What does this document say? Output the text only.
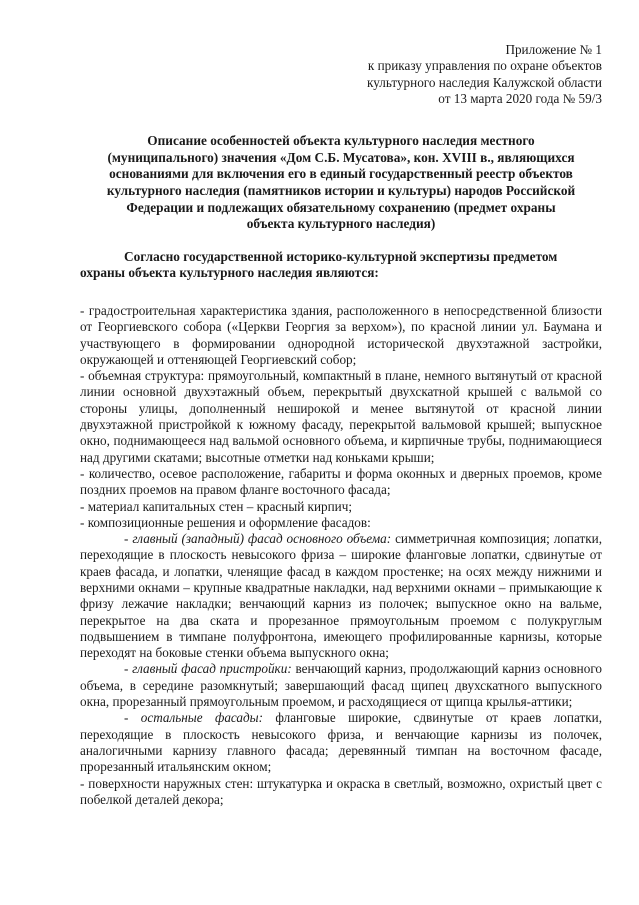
Приложение № 1
к приказу управления по охране объектов
культурного наследия Калужской области
от 13 марта 2020 года № 59/3
Описание особенностей объекта культурного наследия местного
(муниципального) значения «Дом С.Б. Мусатова», кон. XVIII в., являющихся
основаниями для включения его в единый государственный реестр объектов
культурного наследия (памятников истории и культуры) народов Российской
Федерации и подлежащих обязательному сохранению (предмет охраны
объекта культурного наследия)
Согласно государственной историко-культурной экспертизы предметом
охраны объекта культурного наследия являются:

- градостроительная характеристика здания, расположенного в непосредственной близости от Георгиевского собора («Церкви Георгия за верхом»), по красной линии ул. Баумана и участвующего в формировании однородной исторической двухэтажной застройки, окружающей и оттеняющей Георгиевский собор;

- объемная структура: прямоугольный, компактный в плане, немного вытянутый от красной линии основной двухэтажный объем, перекрытый двухскатной крышей с вальмой со стороны улицы, дополненный неширокой и менее вытянутой от красной линии двухэтажной пристройкой к южному фасаду, перекрытой вальмовой крышей; выпускное окно, поднимающееся над вальмой основного объема, и кирпичные трубы, поднимающиеся над другими скатами; высотные отметки над коньками крыши;

- количество, осевое расположение, габариты и форма оконных и дверных проемов, кроме поздних проемов на правом фланге восточного фасада;

- материал капитальных стен – красный кирпич;

- композиционные решения и оформление фасадов:

- главный (западный) фасад основного объема: симметричная композиция; лопатки, переходящие в плоскость невысокого фриза – широкие фланговые лопатки, сдвинутые от краев фасада, и лопатки, членящие фасад в каждом простенке; на осях между нижними и верхними окнами – крупные квадратные накладки, над верхними окнами – примыкающие к фризу лежачие накладки; венчающий карниз из полочек; выпускное окно на вальме, перекрытое на два ската и прорезанное прямоугольным проемом с полукруглым подвышением в тимпане полуфронтона, имеющего профилированные карнизы, которые переходят на боковые стенки объема выпускного окна;

- главный фасад пристройки: венчающий карниз, продолжающий карниз основного объема, в середине разомкнутый; завершающий фасад щипец двухскатного выпускного окна, прорезанный прямоугольным проемом, и расходящиеся от щипца крылья-аттики;

- остальные фасады: фланговые широкие, сдвинутые от краев лопатки, переходящие в плоскость невысокого фриза, и венчающие карнизы из полочек, аналогичными карнизу главного фасада; деревянный тимпан на восточном фасаде, прорезанный итальянским окном;

- поверхности наружных стен: штукатурка и окраска в светлый, возможно, охристый цвет с побелкой деталей декора;
